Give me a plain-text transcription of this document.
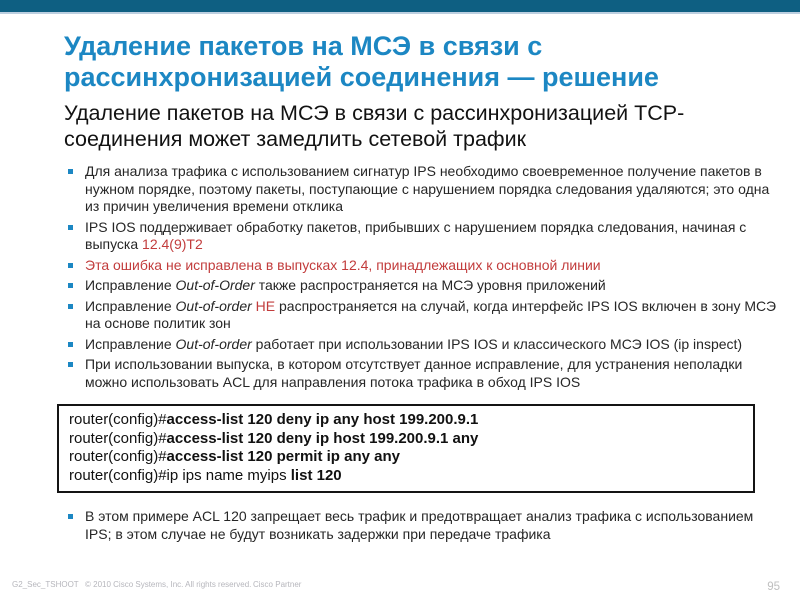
Удаление пакетов на МСЭ в связи с рассинхронизацией соединения — решение
Удаление пакетов на МСЭ в связи с рассинхронизацией TCP-соединения может замедлить сетевой трафик
Для анализа трафика с использованием сигнатур IPS необходимо своевременное получение пакетов в нужном порядке, поэтому пакеты, поступающие с нарушением порядка следования удаляются; это одна из причин увеличения времени отклика
IPS IOS поддерживает обработку пакетов, прибывших с нарушением порядка следования, начиная с выпуска 12.4(9)T2
Эта ошибка не исправлена в выпусках 12.4, принадлежащих к основной линии
Исправление Out-of-Order также распространяется на МСЭ уровня приложений
Исправление Out-of-order НЕ распространяется на случай, когда интерфейс IPS IOS включен в зону МСЭ на основе политик зон
Исправление Out-of-order работает при использовании IPS IOS и классического МСЭ IOS (ip inspect)
При использовании выпуска, в котором отсутствует данное исправление, для устранения неполадки можно использовать ACL для направления потока трафика в обход IPS IOS
router(config)#access-list 120 deny ip any host 199.200.9.1
router(config)#access-list 120 deny ip host 199.200.9.1 any
router(config)#access-list 120 permit ip any any
router(config)#ip ips name myips list 120
В этом примере ACL 120 запрещает весь трафик и предотвращает анализ трафика с использованием IPS; в этом случае не будут возникать задержки при передаче трафика
G2_Sec_TSHOOT © 2010 Cisco Systems, Inc. All rights reserved. Cisco Partner	95
